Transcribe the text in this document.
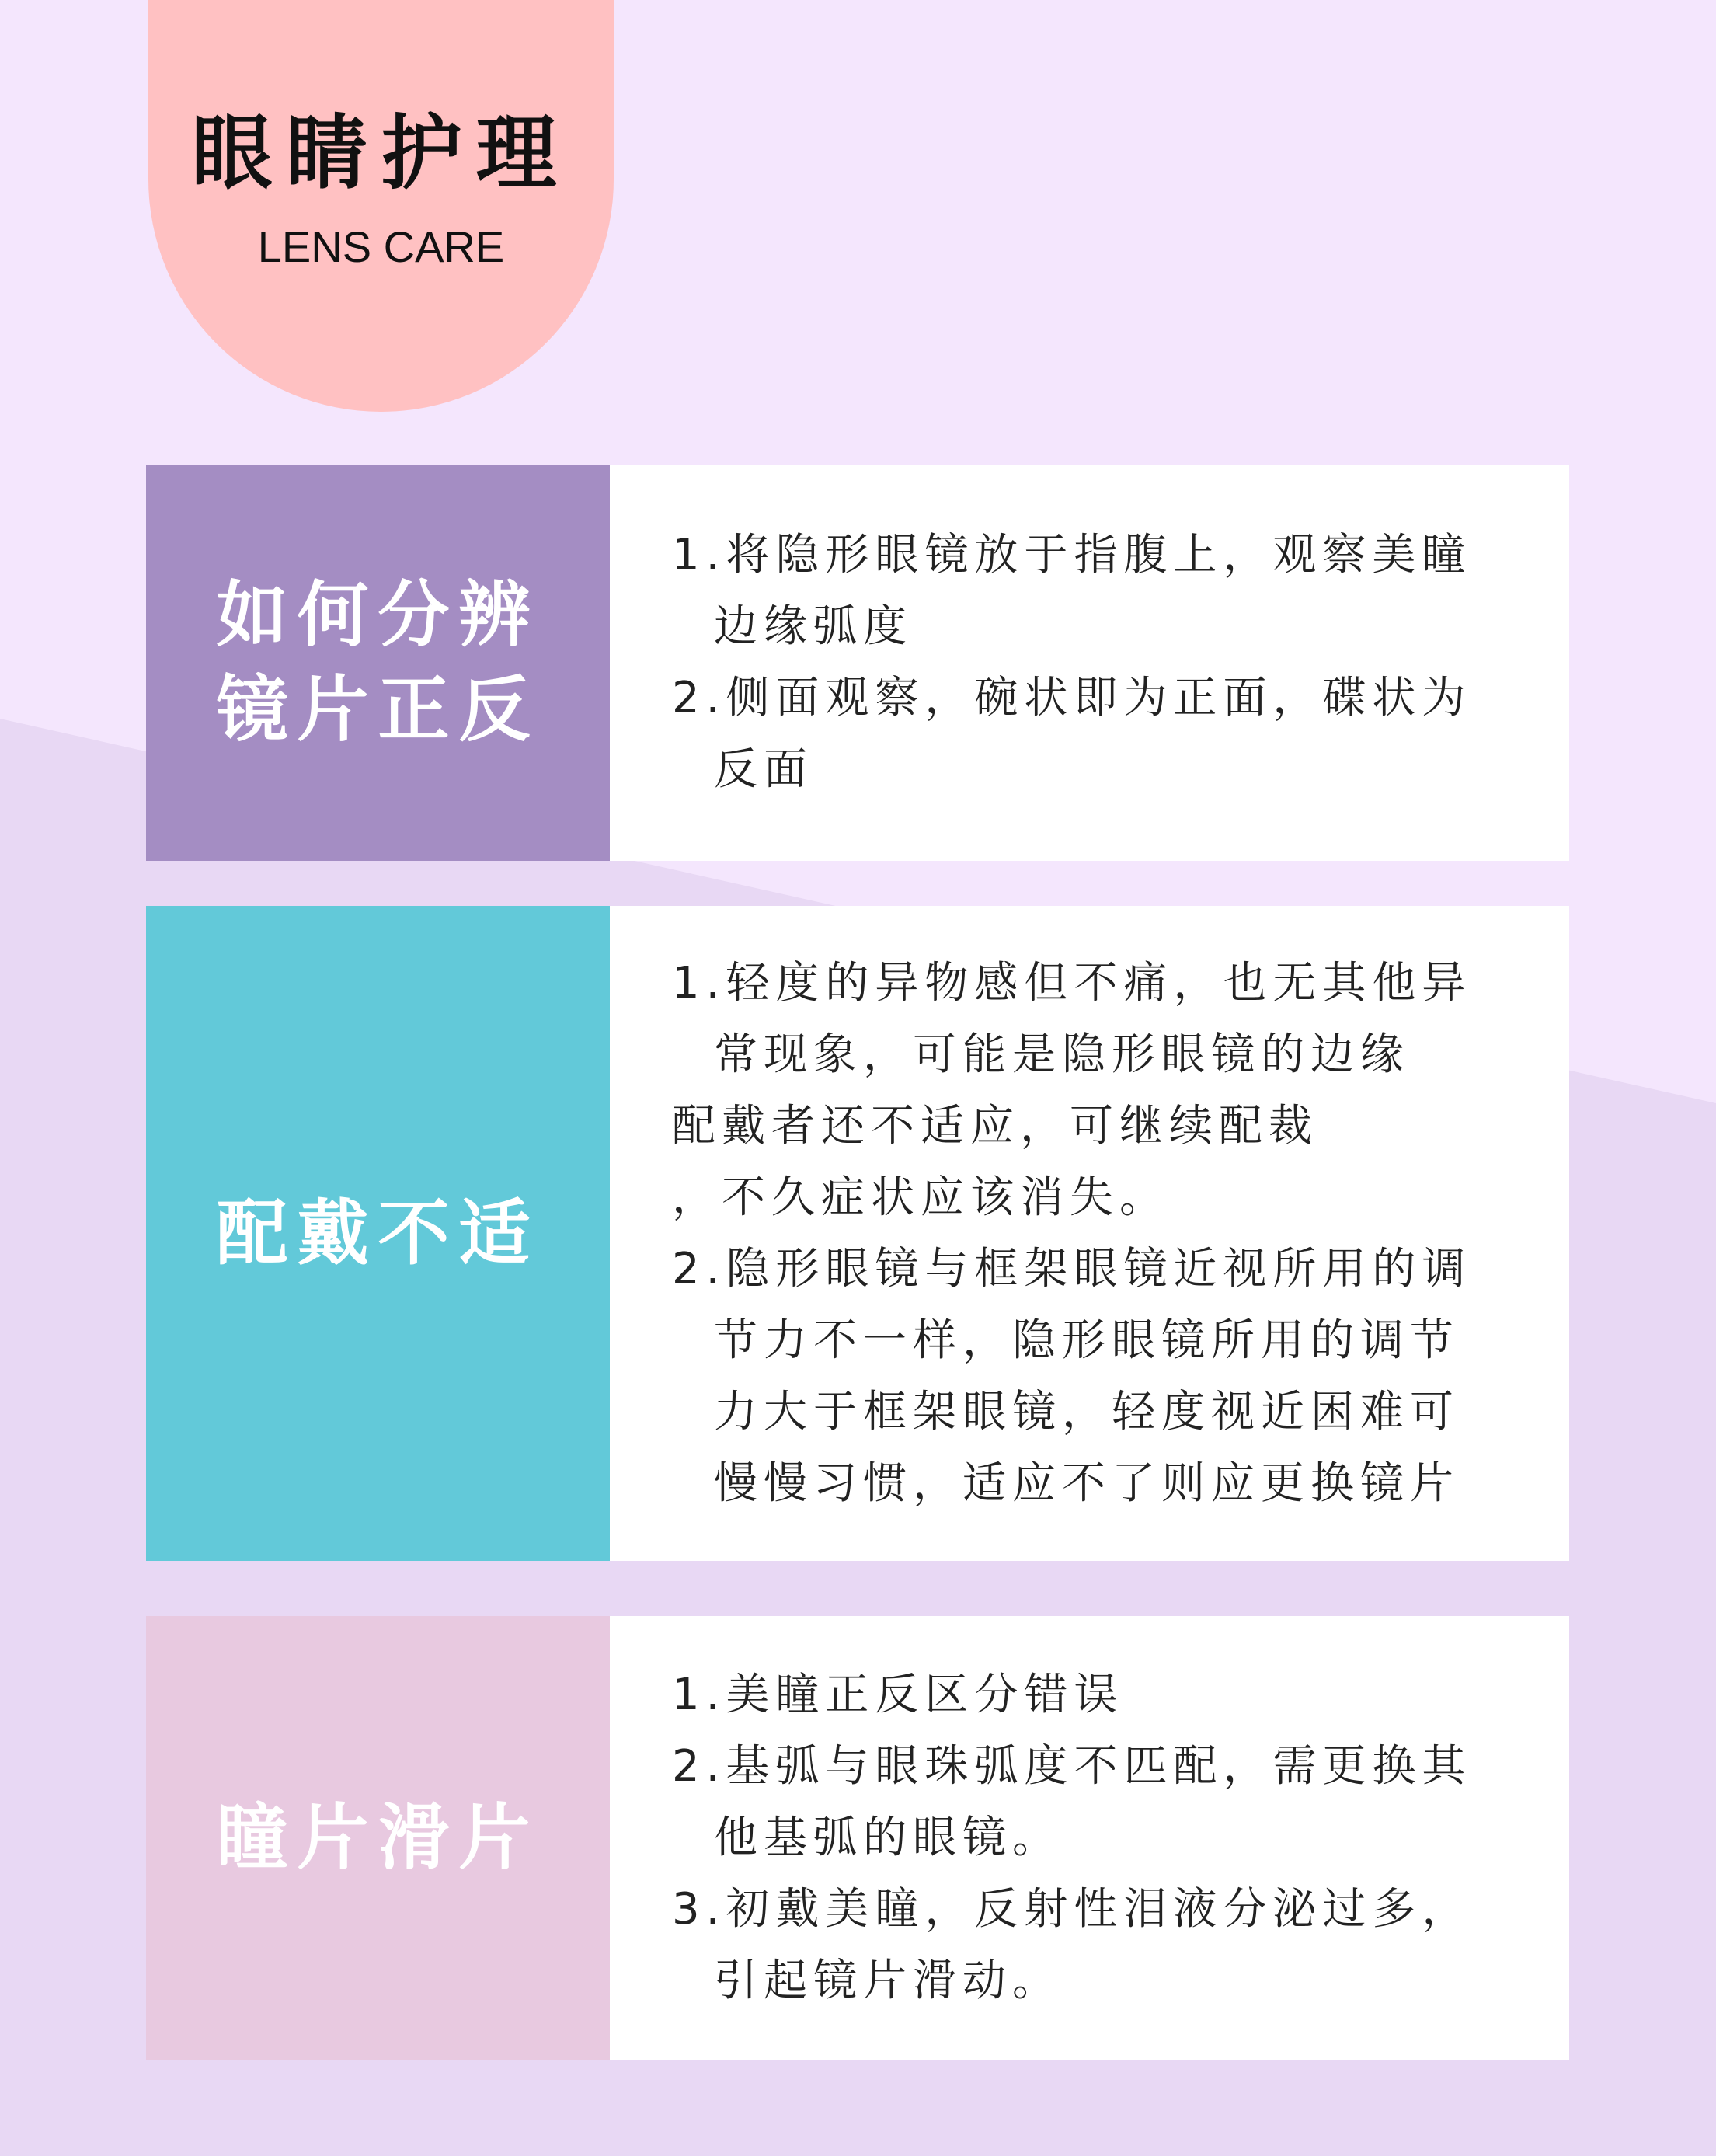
眼睛护理
LENS CARE
如何分辨
镜片正反
1.将隐形眼镜放于指腹上，观察美瞳
边缘弧度
2.侧面观察，碗状即为正面，碟状为
反面
配戴不适
1.轻度的异物感但不痛，也无其他异
常现象，可能是隐形眼镜的边缘
配戴者还不适应，可继续配裁
，不久症状应该消失。
2.隐形眼镜与框架眼镜近视所用的调
节力不一样，隐形眼镜所用的调节
力大于框架眼镜，轻度视近困难可
慢慢习惯，适应不了则应更换镜片
瞳片滑片
1.美瞳正反区分错误
2.基弧与眼珠弧度不匹配，需更换其
他基弧的眼镜。
3.初戴美瞳，反射性泪液分泌过多，
引起镜片滑动。
